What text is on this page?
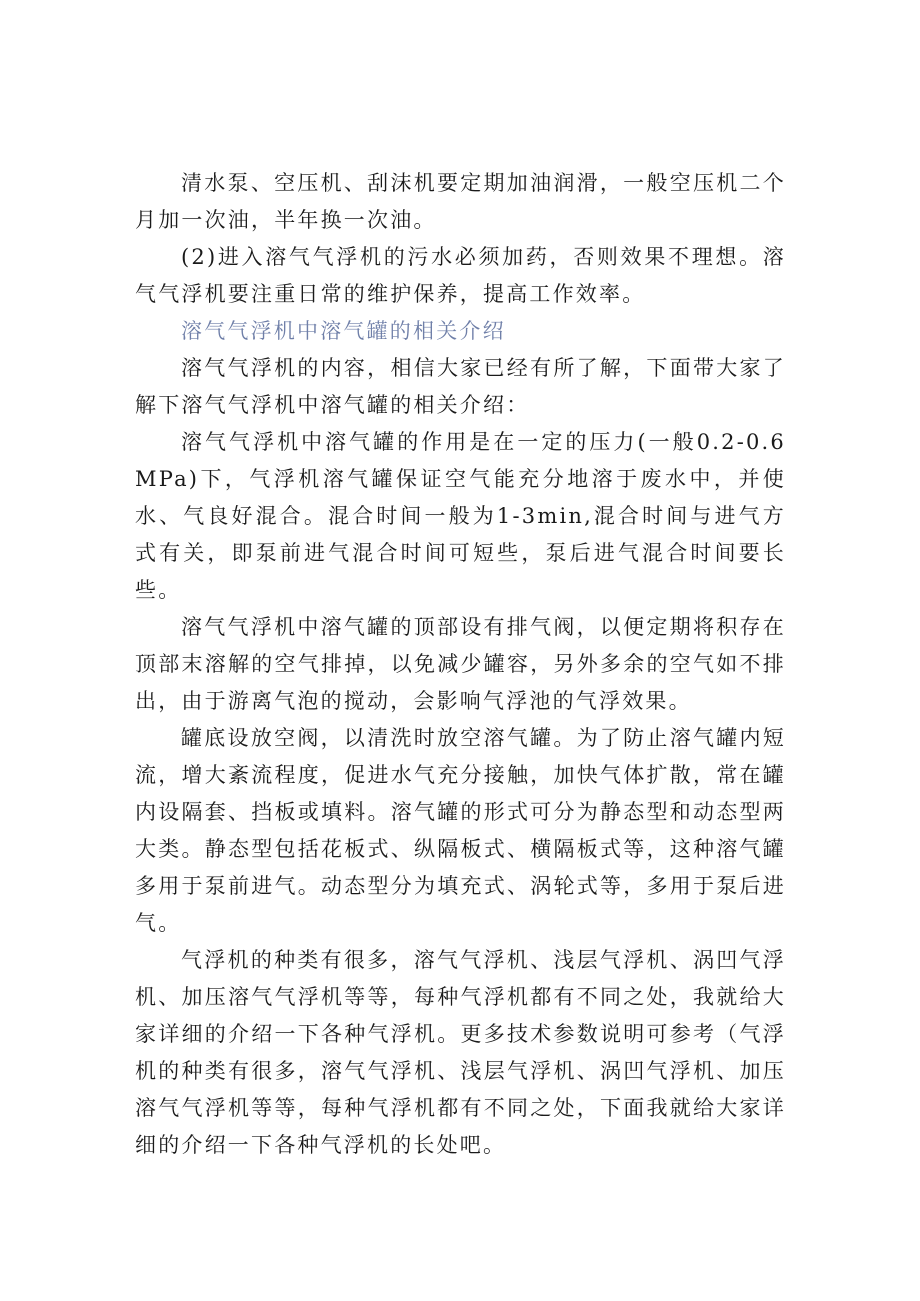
清水泵、空压机、刮沫机要定期加油润滑，一般空压机二个月加一次油，半年换一次油。

(2)进入溶气气浮机的污水必须加药，否则效果不理想。溶气气浮机要注重日常的维护保养，提高工作效率。

溶气气浮机中溶气罐的相关介绍

溶气气浮机的内容，相信大家已经有所了解，下面带大家了解下溶气气浮机中溶气罐的相关介绍：

溶气气浮机中溶气罐的作用是在一定的压力(一般0.2-0.6MPa)下，气浮机溶气罐保证空气能充分地溶于废水中，并使水、气良好混合。混合时间一般为1-3min,混合时间与进气方式有关，即泵前进气混合时间可短些，泵后进气混合时间要长些。

溶气气浮机中溶气罐的顶部设有排气阀，以便定期将积存在顶部末溶解的空气排掉，以免减少罐容，另外多余的空气如不排出，由于游离气泡的搅动，会影响气浮池的气浮效果。

罐底设放空阀，以清洗时放空溶气罐。为了防止溶气罐内短流，增大紊流程度，促进水气充分接触，加快气体扩散，常在罐内设隔套、挡板或填料。溶气罐的形式可分为静态型和动态型两大类。静态型包括花板式、纵隔板式、横隔板式等，这种溶气罐多用于泵前进气。动态型分为填充式、涡轮式等，多用于泵后进气。

气浮机的种类有很多，溶气气浮机、浅层气浮机、涡凹气浮机、加压溶气气浮机等等，每种气浮机都有不同之处，我就给大家详细的介绍一下各种气浮机。更多技术参数说明可参考（气浮机的种类有很多，溶气气浮机、浅层气浮机、涡凹气浮机、加压溶气气浮机等等，每种气浮机都有不同之处，下面我就给大家详细的介绍一下各种气浮机的长处吧。
